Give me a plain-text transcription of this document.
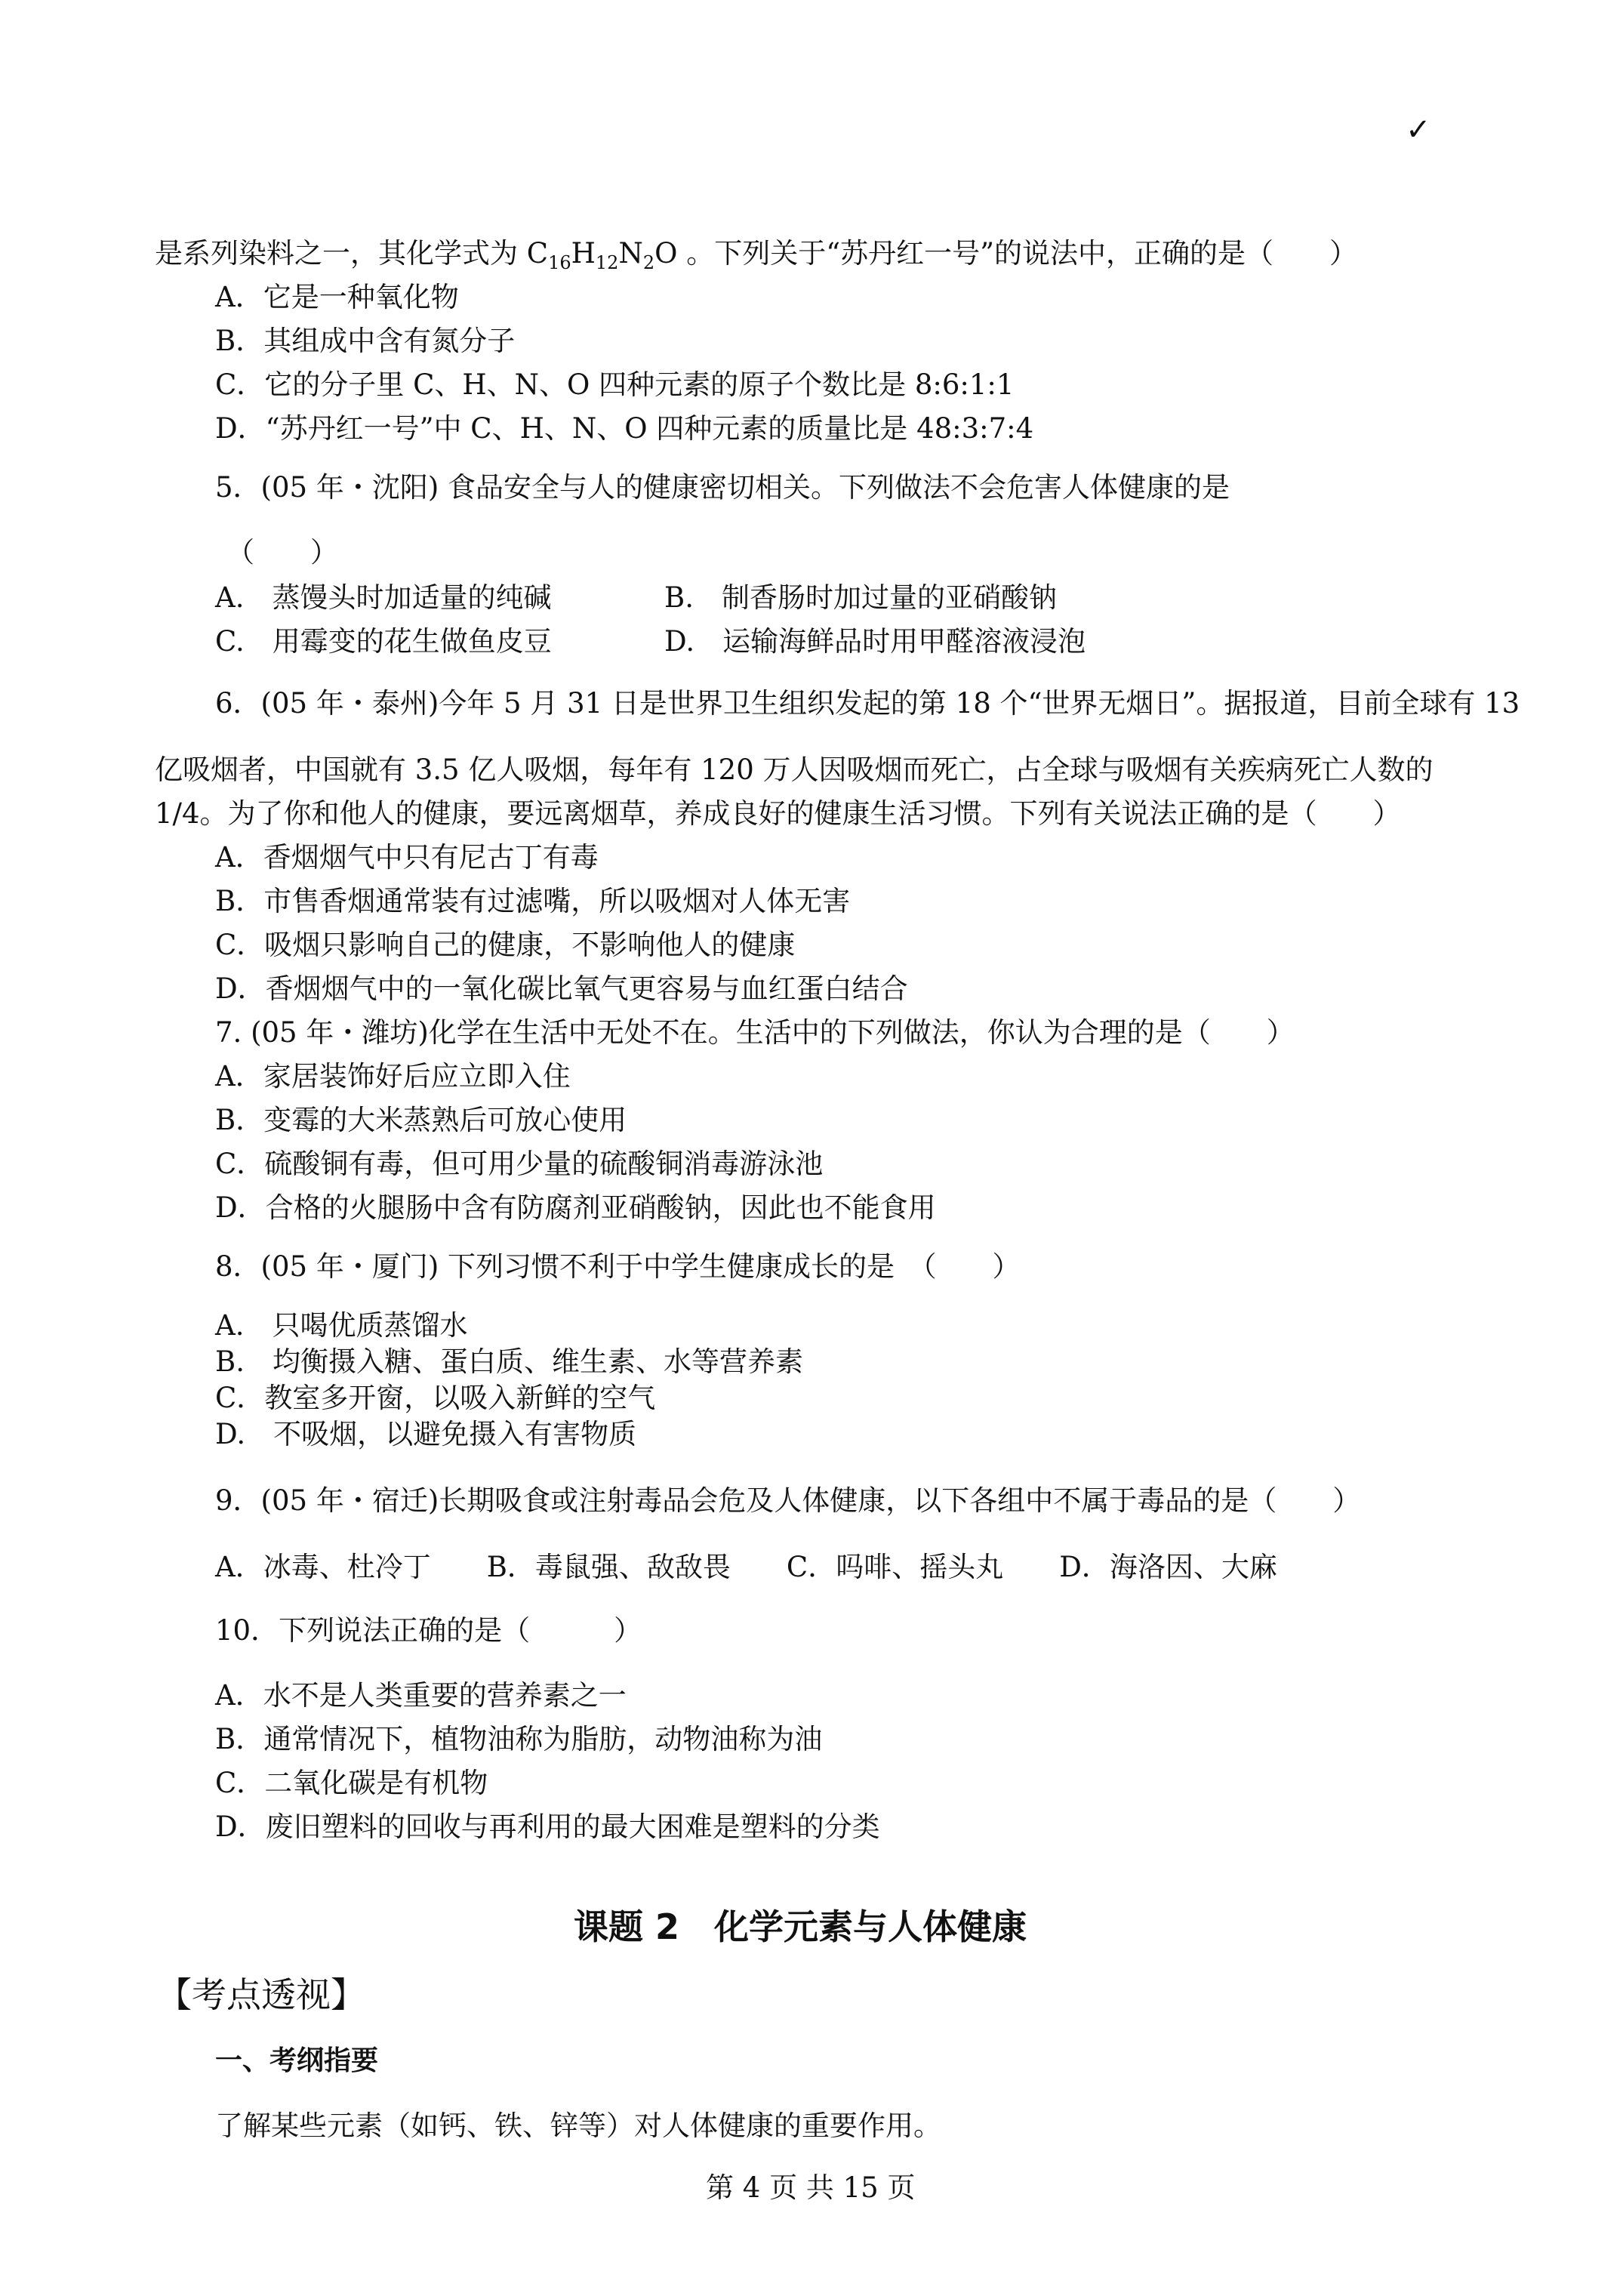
✓
是系列染料之一，其化学式为 $C_{16}H_{12}N_2O$ 。下列关于“苏丹红一号”的说法中，正确的是（　　）
A．它是一种氧化物
B．其组成中含有氮分子
C．它的分子里 C、H、N、O 四种元素的原子个数比是 8:6:1:1
D．“苏丹红一号”中 C、H、N、O 四种元素的质量比是 48:3:7:4
5．(05 年・沈阳) 食品安全与人的健康密切相关。下列做法不会危害人体健康的是
（　　）
A.　蒸馒头时加适量的纯碱	B.　制香肠时加过量的亚硝酸钠
C.　用霉变的花生做鱼皮豆	D.　运输海鲜品时用甲醛溶液浸泡
6．(05 年・泰州)今年 5 月 31 日是世界卫生组织发起的第 18 个“世界无烟日”。据报道，目前全球有 13
亿吸烟者，中国就有 3.5 亿人吸烟，每年有 120 万人因吸烟而死亡，占全球与吸烟有关疾病死亡人数的
1/4。为了你和他人的健康，要远离烟草，养成良好的健康生活习惯。下列有关说法正确的是（　　）
A．香烟烟气中只有尼古丁有毒
B．市售香烟通常装有过滤嘴，所以吸烟对人体无害
C．吸烟只影响自己的健康，不影响他人的健康
D．香烟烟气中的一氧化碳比氧气更容易与血红蛋白结合
7. (05 年・潍坊)化学在生活中无处不在。生活中的下列做法，你认为合理的是（　　）
A．家居装饰好后应立即入住
B．变霉的大米蒸熟后可放心使用
C．硫酸铜有毒，但可用少量的硫酸铜消毒游泳池
D．合格的火腿肠中含有防腐剂亚硝酸钠，因此也不能食用
8．(05 年・厦门) 下列习惯不利于中学生健康成长的是　（　　）
A.　只喝优质蒸馏水
B.　均衡摄入糖、蛋白质、维生素、水等营养素
C．教室多开窗，以吸入新鲜的空气
D.　不吸烟，以避免摄入有害物质
9．(05 年・宿迁)长期吸食或注射毒品会危及人体健康，以下各组中不属于毒品的是（　　）
A．冰毒、杜冷丁　　B．毒鼠强、敌敌畏　　C．吗啡、摇头丸　　D．海洛因、大麻
10．下列说法正确的是（　　　）
A．水不是人类重要的营养素之一
B．通常情况下，植物油称为脂肪，动物油称为油
C．二氧化碳是有机物
D．废旧塑料的回收与再利用的最大困难是塑料的分类
课题 2　化学元素与人体健康
【考点透视】
一、考纲指要
了解某些元素（如钙、铁、锌等）对人体健康的重要作用。
第 4 页 共 15 页
